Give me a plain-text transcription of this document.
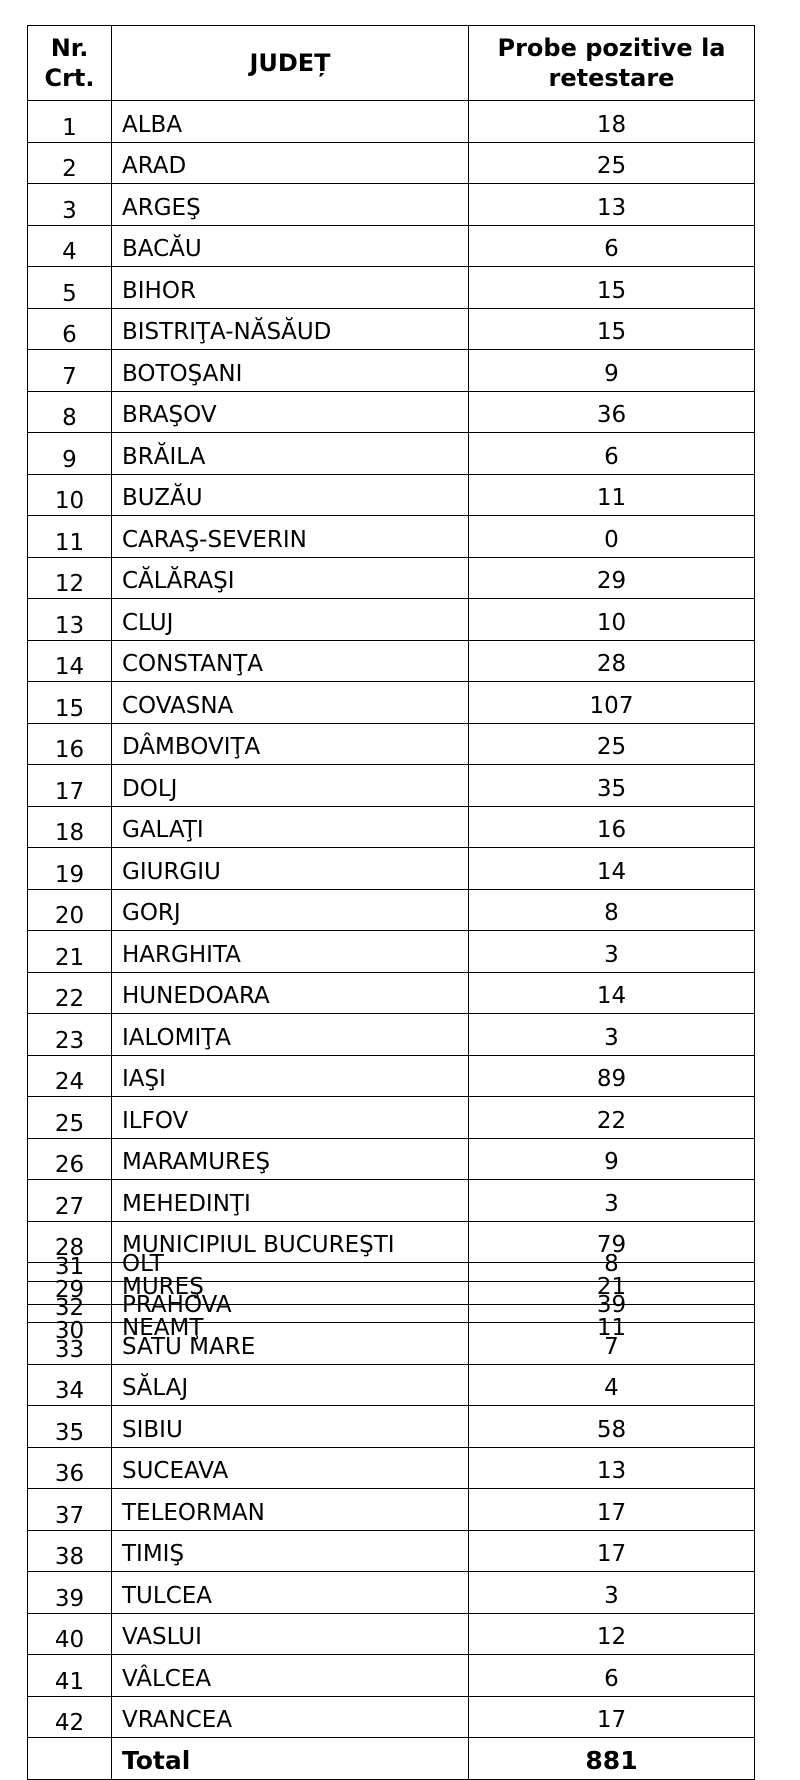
Nr.
Crt.	JUDEȚ	Probe pozitive la
retestare
1	ALBA	18
2	ARAD	25
3	ARGEŞ	13
4	BACĂU	6
5	BIHOR	15
6	BISTRIŢA-NĂSĂUD	15
7	BOTOŞANI	9
8	BRAŞOV	36
9	BRĂILA	6
10	BUZĂU	11
11	CARAŞ-SEVERIN	0
12	CĂLĂRAŞI	29
13	CLUJ	10
14	CONSTANŢA	28
15	COVASNA	107
16	DÂMBOVIŢA	25
17	DOLJ	35
18	GALAŢI	16
19	GIURGIU	14
20	GORJ	8
21	HARGHITA	3
22	HUNEDOARA	14
23	IALOMIŢA	3
24	IAŞI	89
25	ILFOV	22
26	MARAMUREŞ	9
27	MEHEDINŢI	3
28	MUNICIPIUL BUCUREŞTI	79
29	MUREŞ	21
30	NEAMŢ	11
31	OLT	8
32	PRAHOVA	39
33	SATU MARE	7
34	SĂLAJ	4
35	SIBIU	58
36	SUCEAVA	13
37	TELEORMAN	17
38	TIMIŞ	17
39	TULCEA	3
40	VASLUI	12
41	VÂLCEA	6
42	VRANCEA	17
	Total	881
